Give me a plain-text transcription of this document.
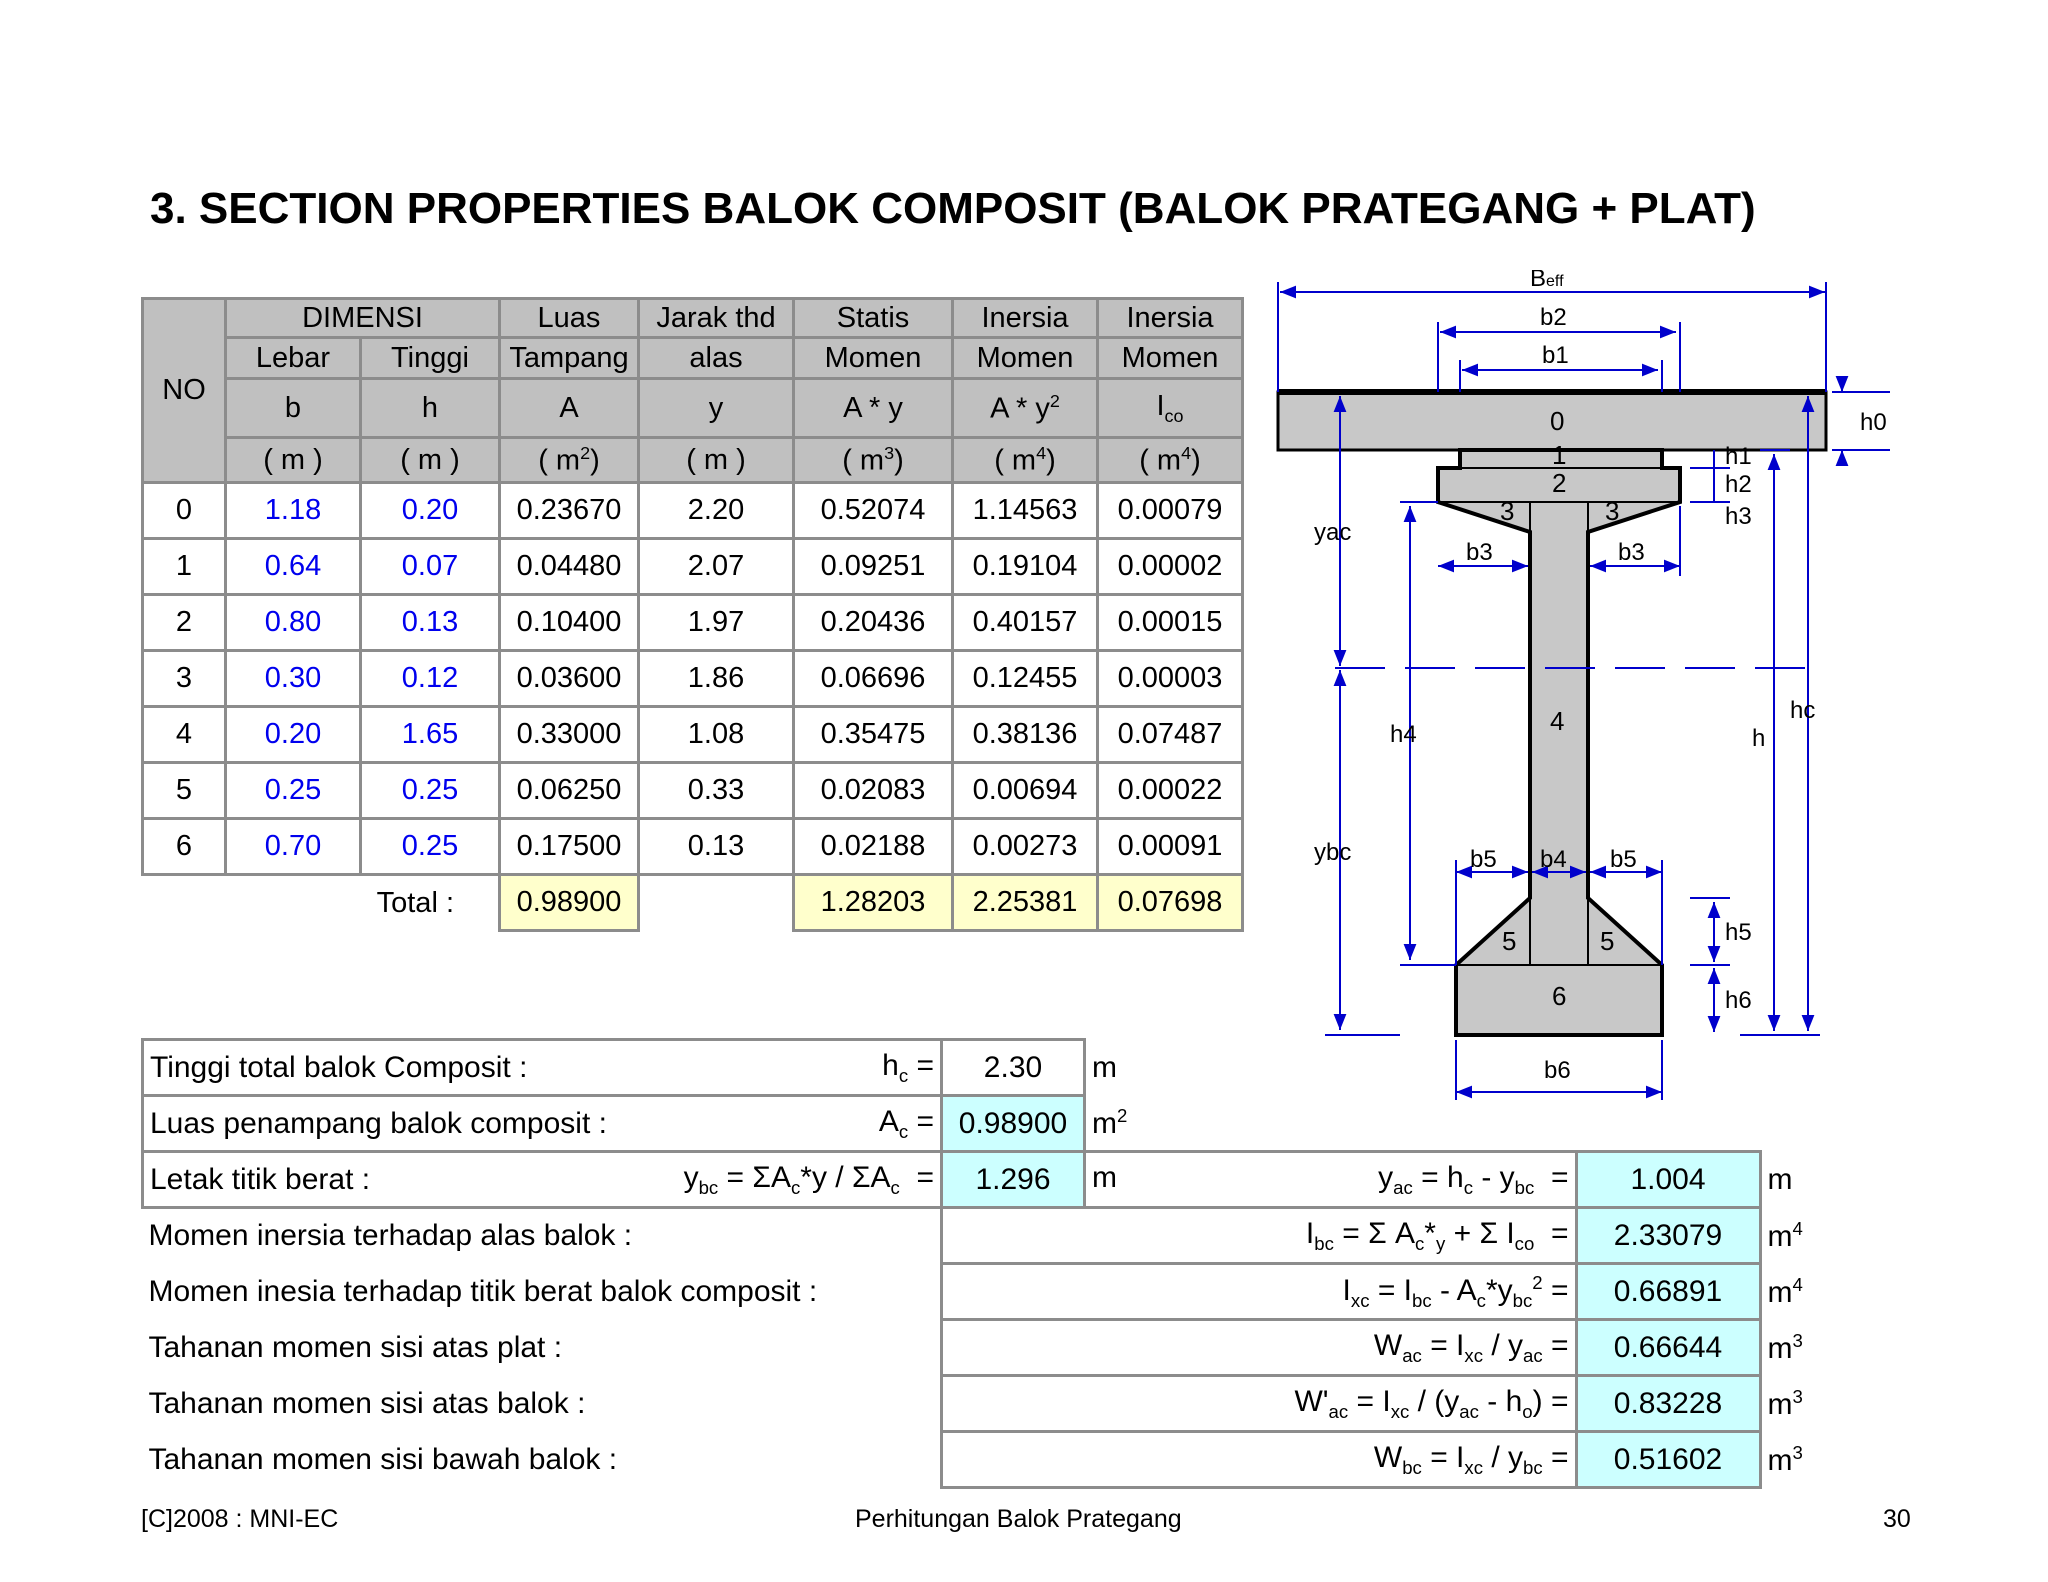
3. SECTION PROPERTIES BALOK COMPOSIT (BALOK PRATEGANG + PLAT)
NO	DIMENSI		Luas	Jarak thd	Statis	Inersia	Inersia
	Lebar	Tinggi	Tampang	alas	Momen	Momen	Momen
	b	h	A	y	A * y	A * $y^2$	$I_{co}$
	( m )	( m )	( $m^2$)	( m )	( $m^3$)	( $m^4$)	( $m^4$)
0	1.18	0.20	0.23670	2.20	0.52074	1.14563	0.00079
1	0.64	0.07	0.04480	2.07	0.09251	0.19104	0.00002
2	0.80	0.13	0.10400	1.97	0.20436	0.40157	0.00015
3	0.30	0.12	0.03600	1.86	0.06696	0.12455	0.00003
4	0.20	1.65	0.33000	1.08	0.35475	0.38136	0.07487
5	0.25	0.25	0.06250	0.33	0.02083	0.00694	0.00022
6	0.70	0.25	0.17500	0.13	0.02188	0.00273	0.00091
Total :			0.98900		1.28203	2.25381	0.07698
Tinggi total balok Composit :	$h_c$ =	2.30	m		
Luas penampang balok composit :	$A_c$ =	0.98900	$m^2$		
Letak titik berat :	$y_{bc} = \Sigma A_c*y / \Sigma A_c$  =	1.296	m $y_{ac} = h_c - y_{bc}$  =	1.004	m
Momen inersia terhadap alas balok :		$I_{bc} = \Sigma$ $A_c*_y + \Sigma$ $I_{co}$  =		2.33079	$m^4$
Momen inesia terhadap titik berat balok composit :		$I_{xc} = I_{bc} - A_c*y_{bc}^2$ =		0.66891	$m^4$
Tahanan momen sisi atas plat :		$W_{ac} = I_{xc} / y_{ac}$ =		0.66644	$m^3$
Tahanan momen sisi atas balok :		$W'_{ac} = I_{xc} / (y_{ac} - h_o)$ =		0.83228	$m^3$
Tahanan momen sisi bawah balok :		$W_{bc} = I_{xc} / y_{bc}$ =		0.51602	$m^3$
0
1
2
3	3
4
5	5
6
Beff
b2
b1
b3	b3
b5 b4 b5
b6
h0
h1
h2
h3
h4
h5
h6
h
hc
yac
ybc
[C]2008 : MNI-EC	Perhitungan Balok Prategang	30
